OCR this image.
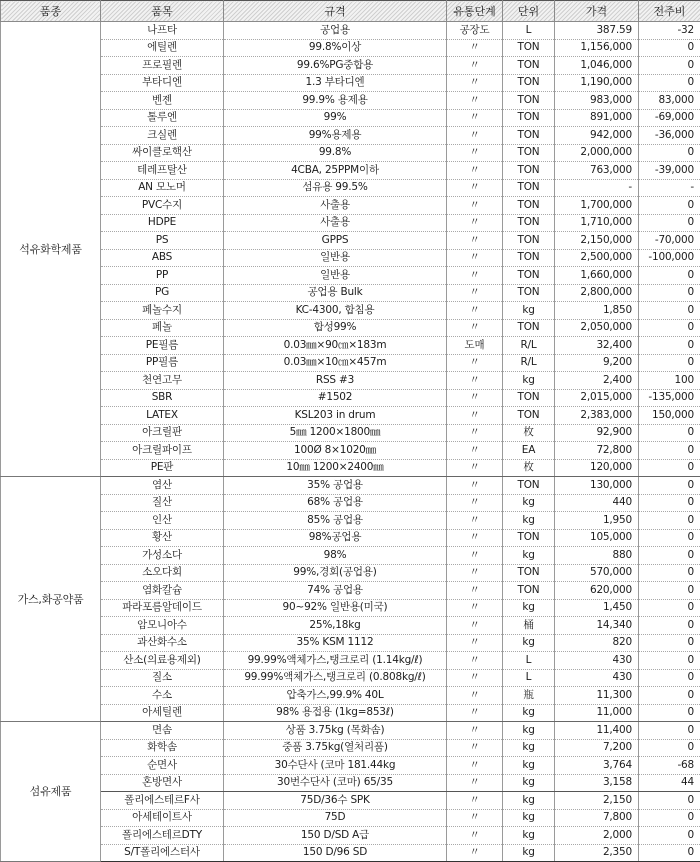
품종	품목	규격	유통단계	단위	가격	전주비
석유화학제품	나프타	공업용	공장도	L	387.59	-32
	에틸렌	99.8%이상	〃	TON	1,156,000	0
	프로필렌	99.6%PG중합용	〃	TON	1,046,000	0
	부타디엔	1.3 부타디엔	〃	TON	1,190,000	0
	벤젠	99.9% 용제용	〃	TON	983,000	83,000
	톨루엔	99%	〃	TON	891,000	-69,000
	크실렌	99%용제용	〃	TON	942,000	-36,000
	싸이클로핵산	99.8%	〃	TON	2,000,000	0
	테레프탈산	4CBA, 25PPM이하	〃	TON	763,000	-39,000
	AN 모노머	섬유용 99.5%	〃	TON	-	-
	PVC수지	사출용	〃	TON	1,700,000	0
	HDPE	사출용	〃	TON	1,710,000	0
	PS	GPPS	〃	TON	2,150,000	-70,000
	ABS	일반용	〃	TON	2,500,000	-100,000
	PP	일반용	〃	TON	1,660,000	0
	PG	공업용 Bulk	〃	TON	2,800,000	0
	페놀수지	KC-4300, 합침용	〃	kg	1,850	0
	페놀	합성99%	〃	TON	2,050,000	0
	PE필름	0.03㎜×90㎝×183m	도매	R/L	32,400	0
	PP필름	0.03㎜×10㎝×457m	〃	R/L	9,200	0
	천연고무	RSS #3	〃	kg	2,400	100
	SBR	#1502	〃	TON	2,015,000	-135,000
	LATEX	KSL203 in drum	〃	TON	2,383,000	150,000
	아크릴판	5㎜ 1200×1800㎜	〃	枚	92,900	0
	아크릴파이프	100Ø 8×1020㎜	〃	EA	72,800	0
	PE판	10㎜ 1200×2400㎜	〃	枚	120,000	0
가스,화공약품	염산	35% 공업용	〃	TON	130,000	0
	질산	68% 공업용	〃	kg	440	0
	인산	85% 공업용	〃	kg	1,950	0
	황산	98%공업용	〃	TON	105,000	0
	가성소다	98%	〃	kg	880	0
	소오다회	99%,경회(공업용)	〃	TON	570,000	0
	염화칼슘	74% 공업용	〃	TON	620,000	0
	파라포름알데이드	90~92% 일반용(미국)	〃	kg	1,450	0
	암모니아수	25%,18kg	〃	桶	14,340	0
	과산화수소	35% KSM 1112	〃	kg	820	0
	산소(의료용제외)	99.99%액체가스,탱크로리 (1.14kg/ℓ)	〃	L	430	0
	질소	99.99%액체가스,탱크로리 (0.808kg/ℓ)	〃	L	430	0
	수소	압축가스,99.9% 40L	〃	瓶	11,300	0
	아세틸렌	98% 용접용 (1kg=853ℓ)	〃	kg	11,000	0
섬유제품	면솜	상품 3.75kg (목화솜)	〃	kg	11,400	0
	화학솜	중품 3.75kg(열처리품)	〃	kg	7,200	0
	순면사	30수단사 (코마 181.44kg	〃	kg	3,764	-68
	혼방면사	30번수단사 (코마) 65/35	〃	kg	3,158	44
	폴리에스테르F사	75D/36수 SPK	〃	kg	2,150	0
	아세테이트사	75D	〃	kg	7,800	0
	폴리에스테르DTY	150 D/SD A급	〃	kg	2,000	0
	S/T폴리에스터사	150 D/96 SD	〃	kg	2,350	0
